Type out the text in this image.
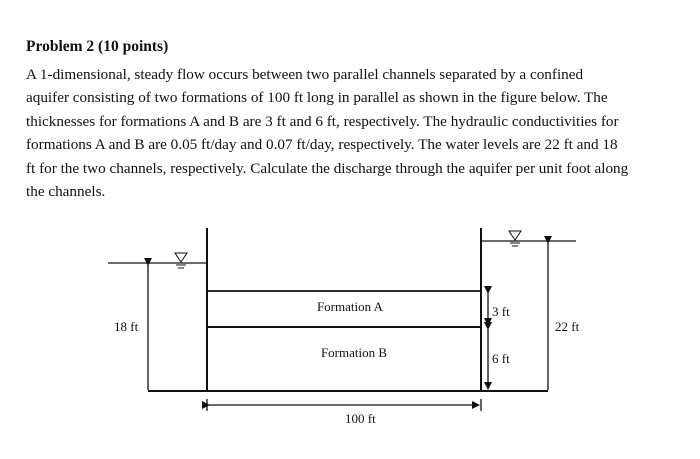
Problem 2 (10 points)
A 1-dimensional, steady flow occurs between two parallel channels separated by a confined
aquifer consisting of two formations of 100 ft long in parallel as shown in the figure below. The
thicknesses for formations A and B are 3 ft and 6 ft, respectively. The hydraulic conductivities for
formations A and B are 0.05 ft/day and 0.07 ft/day, respectively. The water levels are 22 ft and 18
ft for the two channels, respectively. Calculate the discharge through the aquifer per unit foot along
the channels.
Formation A
Formation B
18 ft	22 ft
3 ft
6 ft
100 ft
